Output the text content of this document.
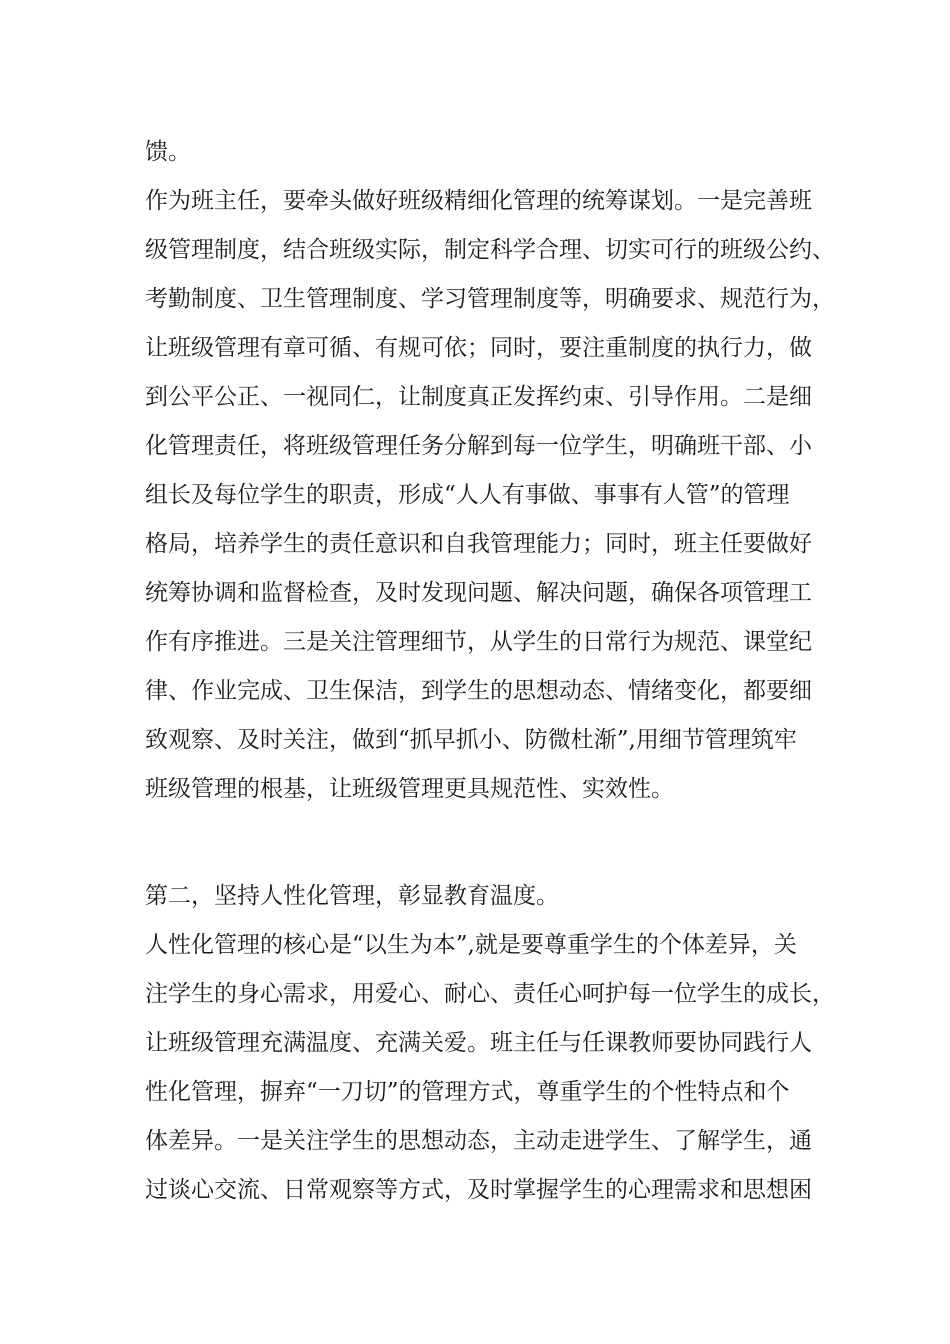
馈。
作为班主任，要牵头做好班级精细化管理的统筹谋划。一是完善班
级管理制度，结合班级实际，制定科学合理、切实可行的班级公约、
考勤制度、卫生管理制度、学习管理制度等，明确要求、规范行为，
让班级管理有章可循、有规可依；同时，要注重制度的执行力，做
到公平公正、一视同仁，让制度真正发挥约束、引导作用。二是细
化管理责任，将班级管理任务分解到每一位学生，明确班干部、小
组长及每位学生的职责，形成“人人有事做、事事有人管”的管理
格局，培养学生的责任意识和自我管理能力；同时，班主任要做好
统筹协调和监督检查，及时发现问题、解决问题，确保各项管理工
作有序推进。三是关注管理细节，从学生的日常行为规范、课堂纪
律、作业完成、卫生保洁，到学生的思想动态、情绪变化，都要细
致观察、及时关注，做到“抓早抓小、防微杜渐”,用细节管理筑牢
班级管理的根基，让班级管理更具规范性、实效性。
第二，坚持人性化管理，彰显教育温度。
人性化管理的核心是“以生为本”,就是要尊重学生的个体差异，关
注学生的身心需求，用爱心、耐心、责任心呵护每一位学生的成长，
让班级管理充满温度、充满关爱。班主任与任课教师要协同践行人
性化管理，摒弃“一刀切”的管理方式，尊重学生的个性特点和个
体差异。一是关注学生的思想动态，主动走进学生、了解学生，通
过谈心交流、日常观察等方式，及时掌握学生的心理需求和思想困
